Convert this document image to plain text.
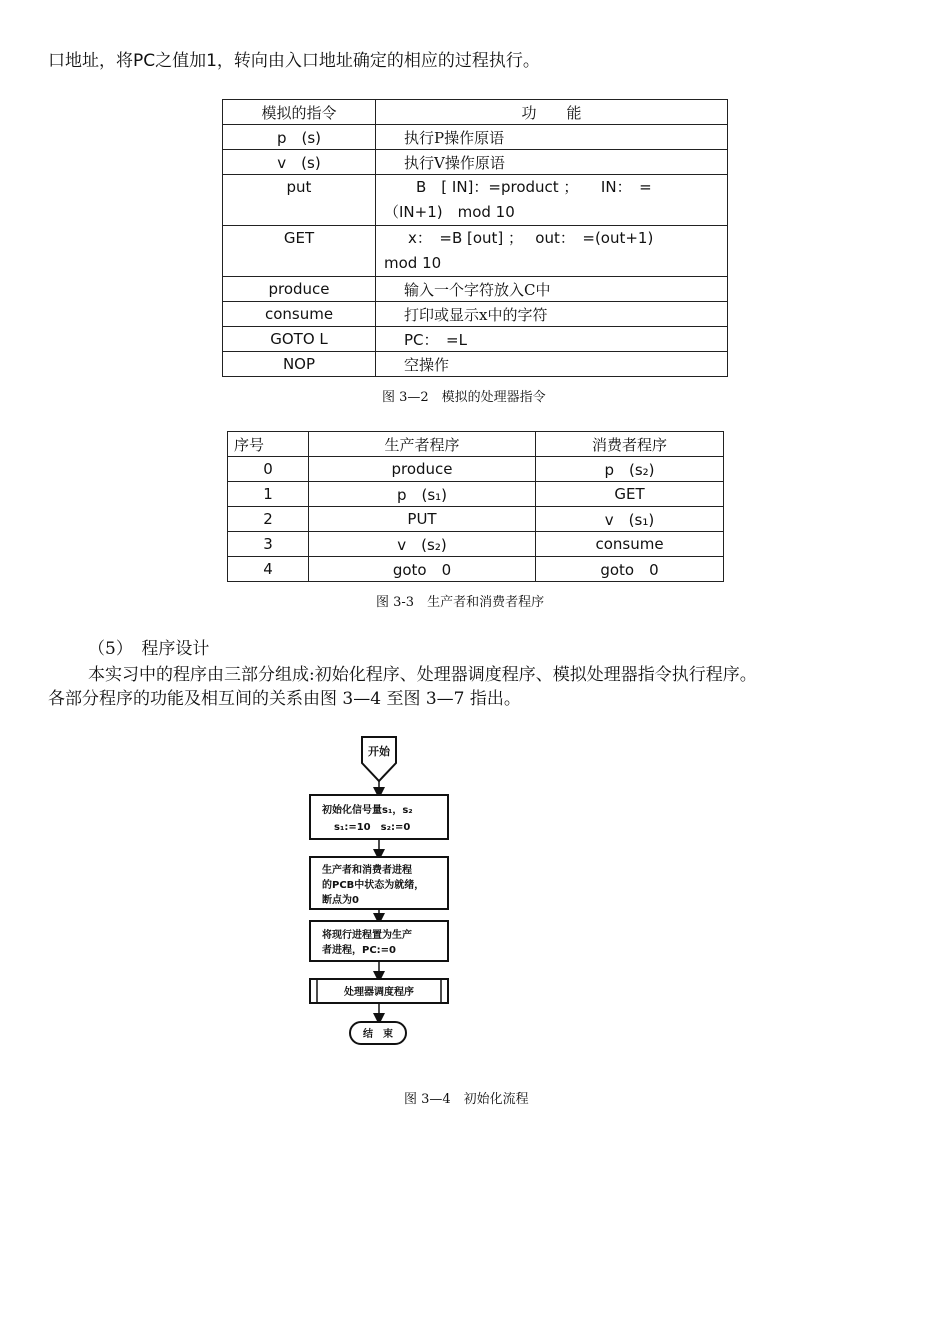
口地址，将PC之值加1，转向由入口地址确定的相应的过程执行。
模拟的指令	功　　能
p　(s)	执行P操作原语
v　(s)	执行V操作原语
put	B　[ IN]：=product ；　　IN：　=
（IN+1)　mod 10

GET	x：　=B [out] ；　 out：　=(out+1)
mod 10

produce	输入一个字符放入C中
consume	打印或显示x中的字符
GOTO L	PC：　=L
NOP	空操作
图 3—2　模拟的处理器指令
序号	生产者程序	消费者程序
0	produce	p　(s₂)
1	p　(s₁)	GET
2	PUT	v　(s₁)
3	v　(s₂)	consume
4	goto　0	goto　0
图 3-3　生产者和消费者程序
（5）　程序设计
本实习中的程序由三部分组成:初始化程序、处理器调度程序、模拟处理器指令执行程序。
各部分程序的功能及相互间的关系由图 3—4 至图 3—7 指出。
开始
初始化信号量s₁，s₂
s₁:=10　s₂:=0
生产者和消费者进程
的PCB中状态为就绪，
断点为0
将现行进程置为生产
者进程，PC:=0
处理器调度程序
结　束
图 3—4　初始化流程
